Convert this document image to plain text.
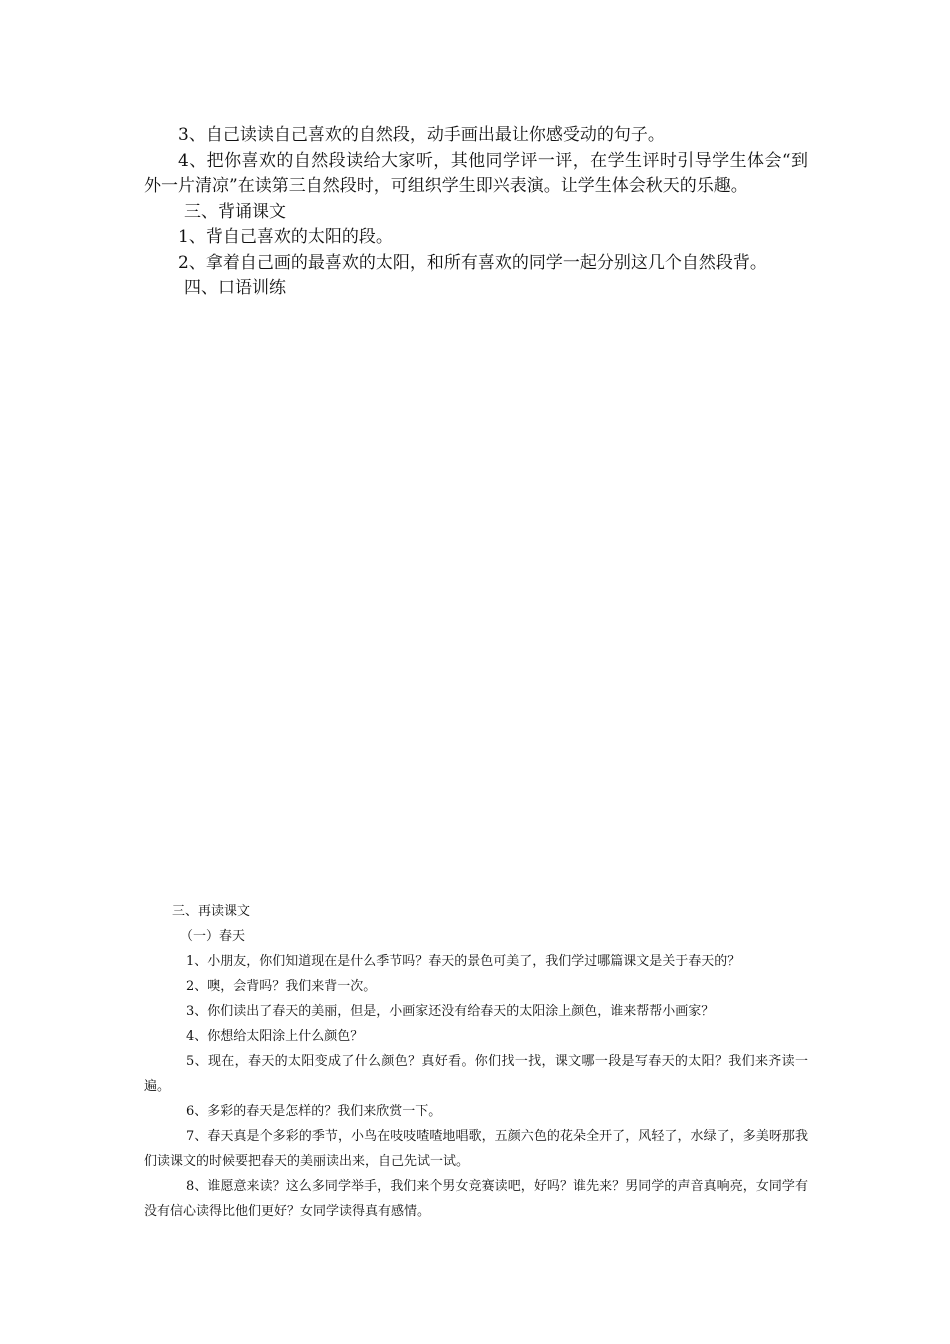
3、自己读读自己喜欢的自然段，动手画出最让你感受动的句子。

4、把你喜欢的自然段读给大家听，其他同学评一评，在学生评时引导学生体会“到外一片清凉”在读第三自然段时，可组织学生即兴表演。让学生体会秋天的乐趣。

三、背诵课文

1、背自己喜欢的太阳的段。

2、拿着自己画的最喜欢的太阳，和所有喜欢的同学一起分别这几个自然段背。

四、口语训练

三、再读课文

（一）春天

1、小朋友，你们知道现在是什么季节吗？春天的景色可美了，我们学过哪篇课文是关于春天的？

2、噢，会背吗？我们来背一次。

3、你们读出了春天的美丽，但是，小画家还没有给春天的太阳涂上颜色，谁来帮帮小画家？

4、你想给太阳涂上什么颜色？

5、现在，春天的太阳变成了什么颜色？真好看。你们找一找，课文哪一段是写春天的太阳？我们来齐读一遍。

6、多彩的春天是怎样的？我们来欣赏一下。

7、春天真是个多彩的季节，小鸟在吱吱喳喳地唱歌，五颜六色的花朵全开了，风轻了，水绿了，多美呀那我们读课文的时候要把春天的美丽读出来，自己先试一试。

8、谁愿意来读？这么多同学举手，我们来个男女竞赛读吧，好吗？谁先来？男同学的声音真响亮，女同学有没有信心读得比他们更好？女同学读得真有感情。
